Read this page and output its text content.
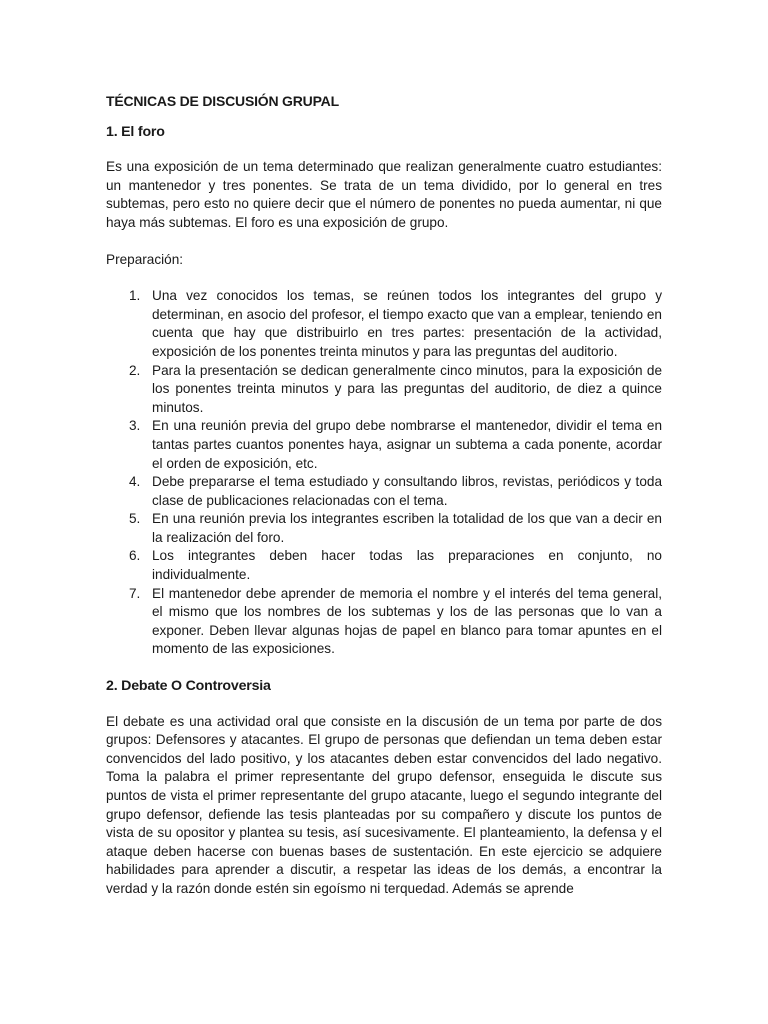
TÉCNICAS DE DISCUSIÓN GRUPAL
1. El foro

Es una exposición de un tema determinado que realizan generalmente cuatro estudiantes: un mantenedor y tres ponentes. Se trata de un tema dividido, por lo general en tres subtemas, pero esto no quiere decir que el número de ponentes no pueda aumentar, ni que haya más subtemas. El foro es una exposición de grupo.

Preparación:

1. Una vez conocidos los temas, se reúnen todos los integrantes del grupo y determinan, en asocio del profesor, el tiempo exacto que van a emplear, teniendo en cuenta que hay que distribuirlo en tres partes: presentación de la actividad, exposición de los ponentes treinta minutos y para las preguntas del auditorio.
2. Para la presentación se dedican generalmente cinco minutos, para la exposición de los ponentes treinta minutos y para las preguntas del auditorio, de diez a quince minutos.
3. En una reunión previa del grupo debe nombrarse el mantenedor, dividir el tema en tantas partes cuantos ponentes haya, asignar un subtema a cada ponente, acordar el orden de exposición, etc.
4. Debe prepararse el tema estudiado y consultando libros, revistas, periódicos y toda clase de publicaciones relacionadas con el tema.
5. En una reunión previa los integrantes escriben la totalidad de los que van a decir en la realización del foro.
6. Los integrantes deben hacer todas las preparaciones en conjunto, no individualmente.
7. El mantenedor debe aprender de memoria el nombre y el interés del tema general, el mismo que los nombres de los subtemas y los de las personas que lo van a exponer. Deben llevar algunas hojas de papel en blanco para tomar apuntes en el momento de las exposiciones.
2. Debate O Controversia

El debate es una actividad oral que consiste en la discusión de un tema por parte de dos grupos: Defensores y atacantes. El grupo de personas que defiendan un tema deben estar convencidos del lado positivo, y los atacantes deben estar convencidos del lado negativo. Toma la palabra el primer representante del grupo defensor, enseguida le discute sus puntos de vista el primer representante del grupo atacante, luego el segundo integrante del grupo defensor, defiende las tesis planteadas por su compañero y discute los puntos de vista de su opositor y plantea su tesis, así sucesivamente. El planteamiento, la defensa y el ataque deben hacerse con buenas bases de sustentación. En este ejercicio se adquiere habilidades para aprender a discutir, a respetar las ideas de los demás, a encontrar la verdad y la razón donde estén sin egoísmo ni terquedad. Además se aprende
